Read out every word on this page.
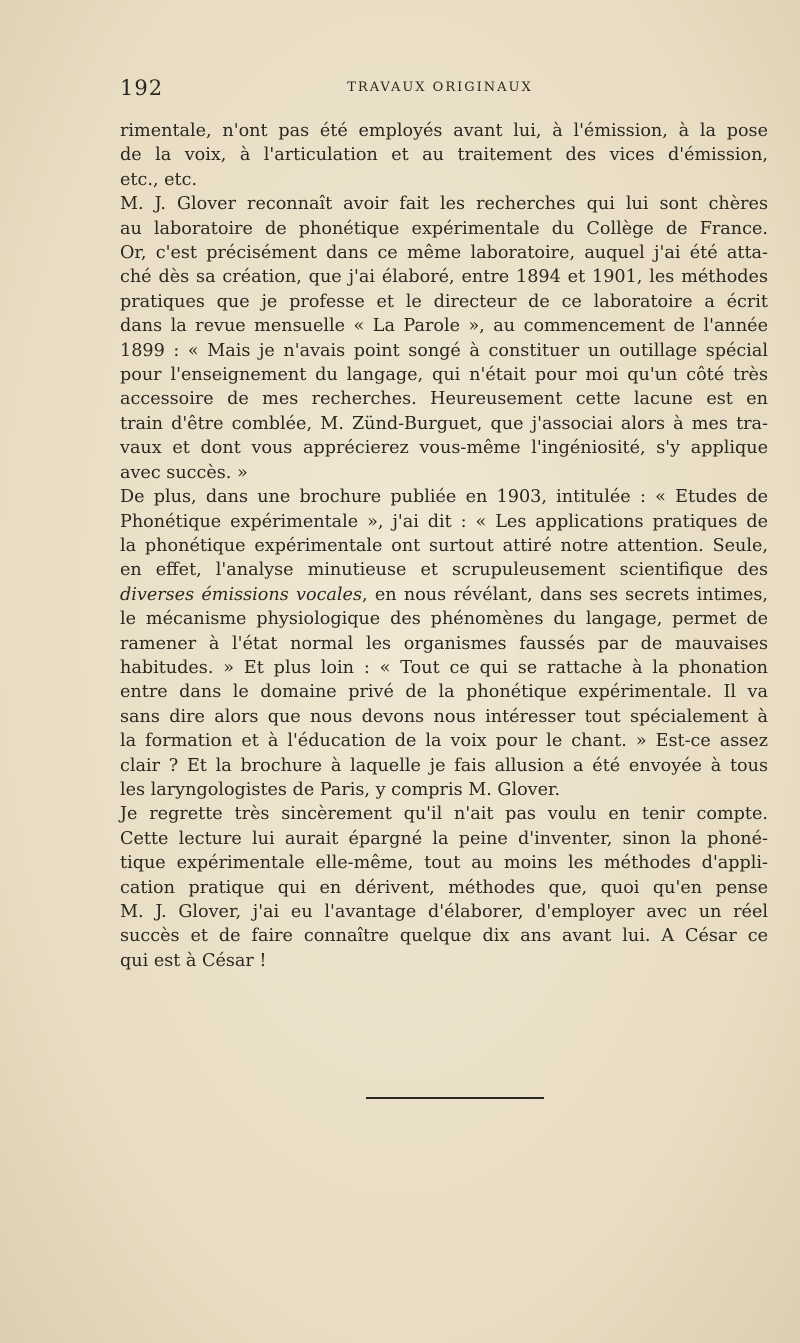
192	TRAVAUX ORIGINAUX

rimentale, n'ont pas été employés avant lui, à l'émission, à la pose
de la voix, à l'articulation et au traitement des vices d'émission,
etc., etc.

M. J. Glover reconnaît avoir fait les recherches qui lui sont chères
au laboratoire de phonétique expérimentale du Collège de France.
Or, c'est précisément dans ce même laboratoire, auquel j'ai été atta-
ché dès sa création, que j'ai élaboré, entre 1894 et 1901, les méthodes
pratiques que je professe et le directeur de ce laboratoire a écrit
dans la revue mensuelle « La Parole », au commencement de l'année
1899 : « Mais je n'avais point songé à constituer un outillage spécial
pour l'enseignement du langage, qui n'était pour moi qu'un côté très
accessoire de mes recherches. Heureusement cette lacune est en
train d'être comblée, M. Zünd-Burguet, que j'associai alors à mes tra-
vaux et dont vous apprécierez vous-même l'ingéniosité, s'y applique
avec succès. »

De plus, dans une brochure publiée en 1903, intitulée : « Etudes de
Phonétique expérimentale », j'ai dit : « Les applications pratiques de
la phonétique expérimentale ont surtout attiré notre attention. Seule,
en effet, l'analyse minutieuse et scrupuleusement scientifique des
diverses émissions vocales, en nous révélant, dans ses secrets intimes,
le mécanisme physiologique des phénomènes du langage, permet de
ramener à l'état normal les organismes faussés par de mauvaises
habitudes. » Et plus loin : « Tout ce qui se rattache à la phonation
entre dans le domaine privé de la phonétique expérimentale. Il va
sans dire alors que nous devons nous intéresser tout spécialement à
la formation et à l'éducation de la voix pour le chant. » Est-ce assez
clair ? Et la brochure à laquelle je fais allusion a été envoyée à tous
les laryngologistes de Paris, y compris M. Glover.

Je regrette très sincèrement qu'il n'ait pas voulu en tenir compte.
Cette lecture lui aurait épargné la peine d'inventer, sinon la phoné-
tique expérimentale elle-même, tout au moins les méthodes d'appli-
cation pratique qui en dérivent, méthodes que, quoi qu'en pense
M. J. Glover, j'ai eu l'avantage d'élaborer, d'employer avec un réel
succès et de faire connaître quelque dix ans avant lui. A César ce
qui est à César !
